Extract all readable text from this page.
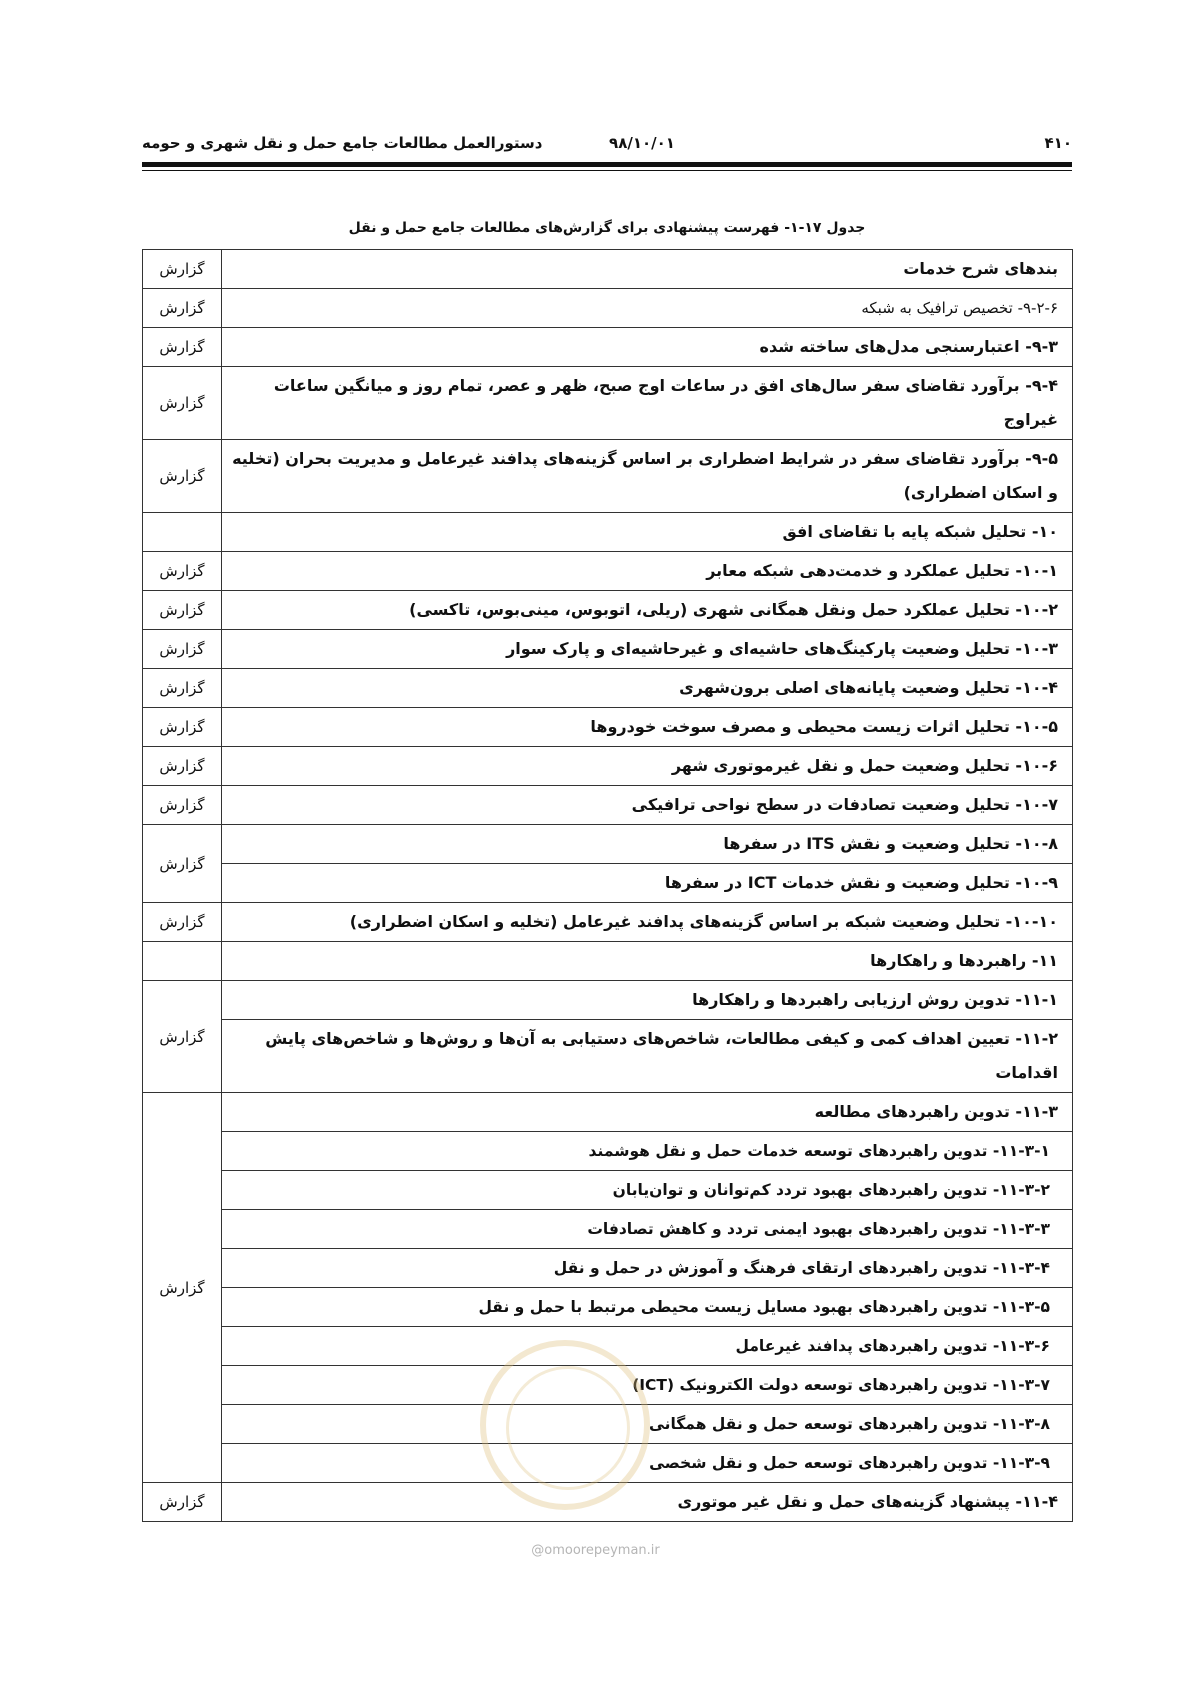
۴۱۰
۹۸/۱۰/۰۱
دستورالعمل مطالعات جامع حمل و نقل شهری و حومه
جدول ۱۷-۱- فهرست پیشنهادی برای گزارش‌های مطالعات جامع حمل و نقل
گزارش	بندهای شرح خدمات
گزارش	۹-۲-۶- تخصیص ترافیک به شبکه
گزارش	۹-۳- اعتبارسنجی مدل‌های ساخته شده
گزارش	۹-۴- برآورد تقاضای سفر سال‌های افق در ساعات اوج صبح، ظهر و عصر، تمام روز و میانگین ساعات غیراوج
گزارش	۹-۵- برآورد تقاضای سفر در شرایط اضطراری بر اساس گزینه‌های پدافند غیرعامل و مدیریت بحران (تخلیه و اسکان اضطراری)
	۱۰- تحلیل شبکه پایه با تقاضای افق
گزارش	۱۰-۱- تحلیل عملکرد و خدمت‌دهی شبکه معابر
گزارش	۱۰-۲- تحلیل عملکرد حمل ونقل همگانی شهری (ریلی، اتوبوس، مینی‌بوس، تاکسی)
گزارش	۱۰-۳- تحلیل وضعیت پارکینگ‌های حاشیه‌ای و غیرحاشیه‌ای و پارک سوار
گزارش	۱۰-۴- تحلیل وضعیت پایانه‌های اصلی برون‌شهری
گزارش	۱۰-۵- تحلیل اثرات زیست محیطی و مصرف سوخت خودروها
گزارش	۱۰-۶- تحلیل وضعیت حمل و نقل غیرموتوری شهر
گزارش	۱۰-۷- تحلیل وضعیت تصادفات در سطح نواحی ترافیکی
گزارش	۱۰-۸- تحلیل وضعیت و نقش ITS در سفرها
	۱۰-۹- تحلیل وضعیت و نقش خدمات ICT در سفرها
گزارش	۱۰-۱۰- تحلیل وضعیت شبکه بر اساس گزینه‌های پدافند غیرعامل (تخلیه و اسکان اضطراری)
	۱۱- راهبردها و راهکارها
گزارش	۱۱-۱- تدوین روش ارزیابی راهبردها و راهکارها
	۱۱-۲- تعیین اهداف کمی و کیفی مطالعات، شاخص‌های دستیابی به آن‌ها و روش‌ها و شاخص‌های پایش اقدامات
گزارش	۱۱-۳- تدوین راهبردهای مطالعه
	۱۱-۳-۱- تدوین راهبردهای توسعه خدمات حمل و نقل هوشمند
	۱۱-۳-۲- تدوین راهبردهای بهبود تردد کم‌توانان و توان‌یابان
	۱۱-۳-۳- تدوین راهبردهای بهبود ایمنی تردد و کاهش تصادفات
	۱۱-۳-۴- تدوین راهبردهای ارتقای فرهنگ و آموزش در حمل و نقل
	۱۱-۳-۵- تدوین راهبردهای بهبود مسایل زیست محیطی مرتبط با حمل و نقل
	۱۱-۳-۶- تدوین راهبردهای پدافند غیرعامل
	۱۱-۳-۷- تدوین راهبردهای توسعه دولت الکترونیک (ICT)
	۱۱-۳-۸- تدوین راهبردهای توسعه حمل و نقل همگانی
	۱۱-۳-۹- تدوین راهبردهای توسعه حمل و نقل شخصی
گزارش	۱۱-۴- پیشنهاد گزینه‌های حمل و نقل غیر موتوری
@omoorepeyman.ir
